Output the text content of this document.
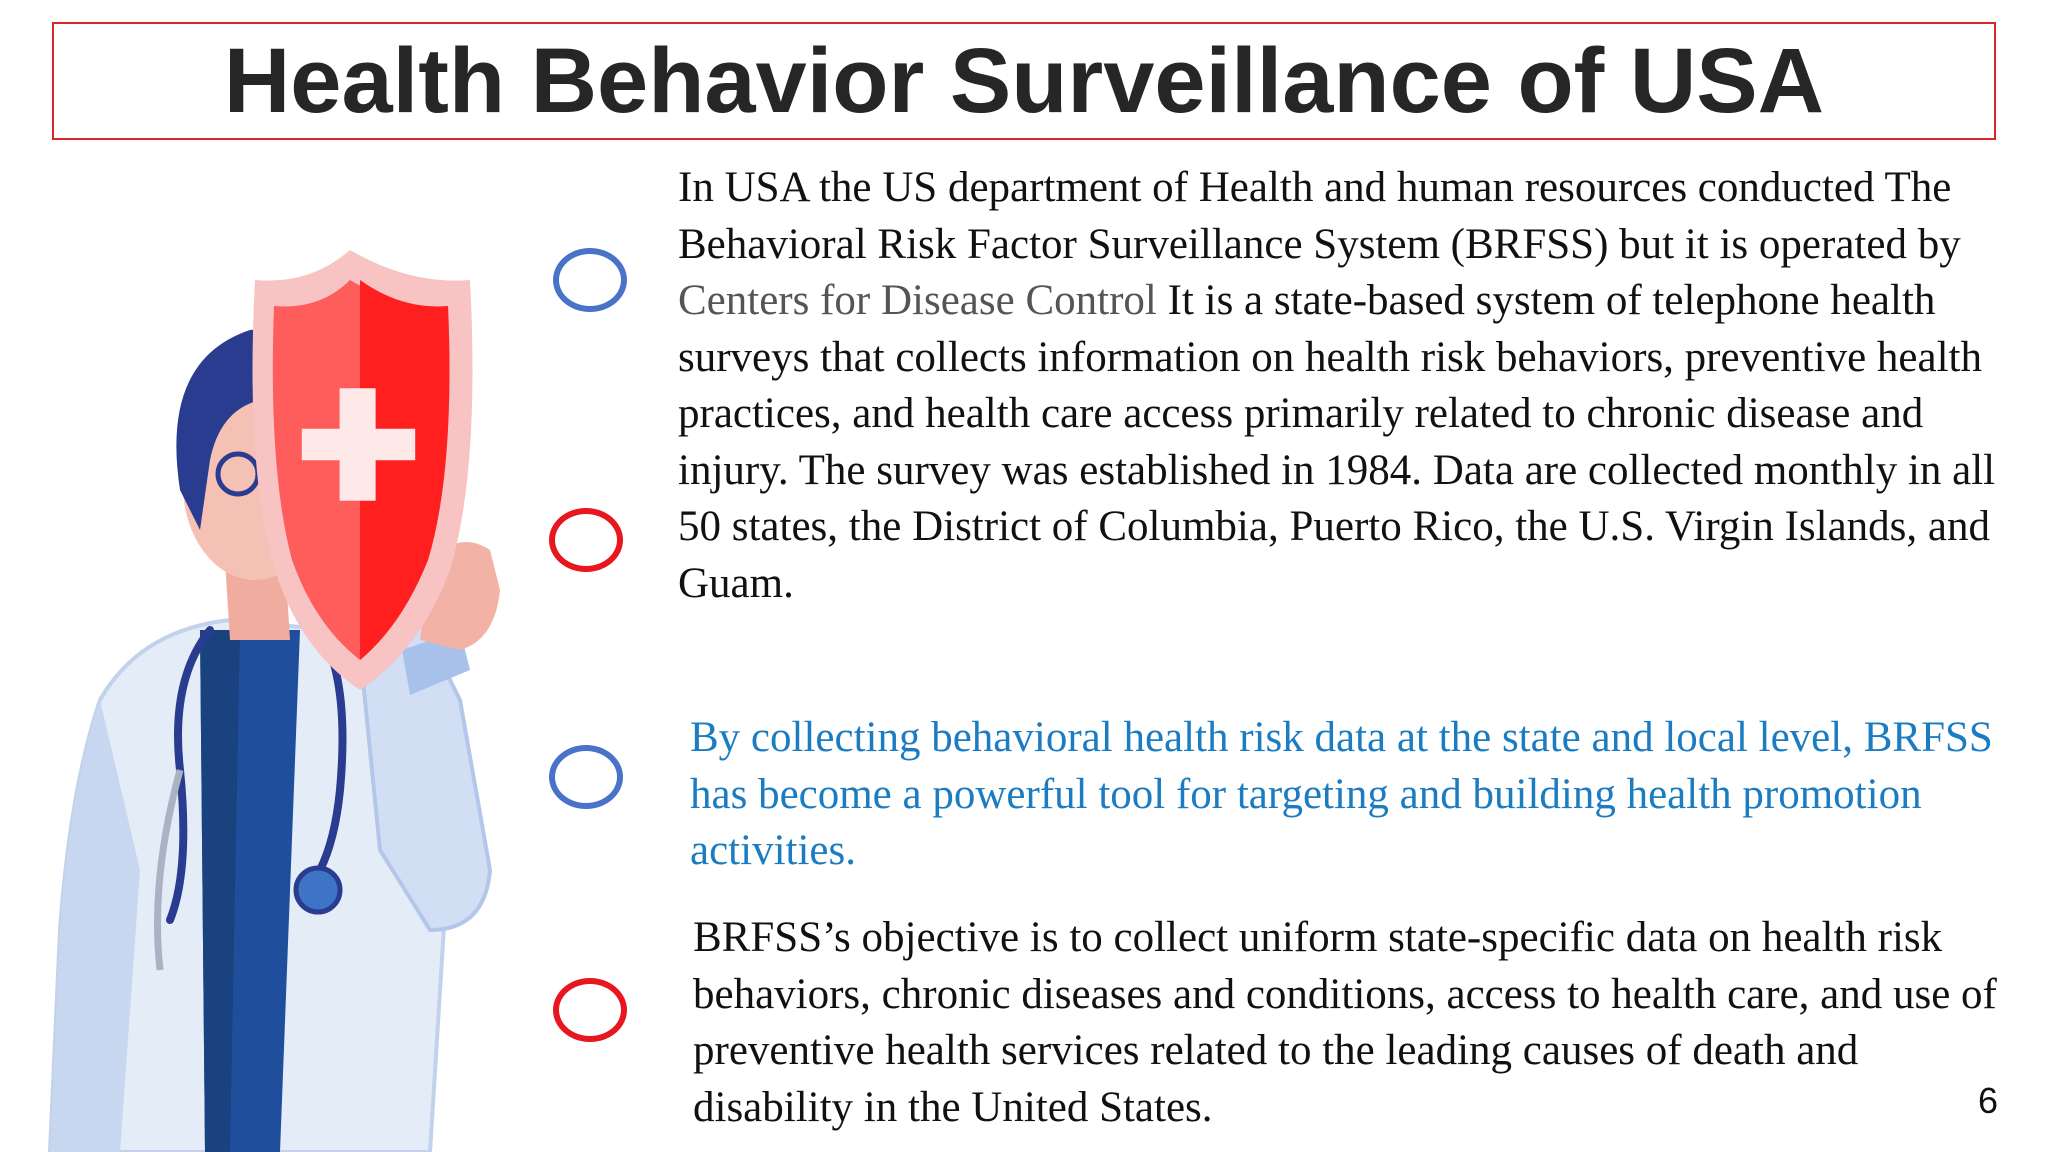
Health Behavior Surveillance of USA
In USA the US department of Health and human resources conducted The Behavioral Risk Factor Surveillance System (BRFSS) but it is operated by Centers for Disease Control It is a state-based system of telephone health surveys that collects information on health risk behaviors, preventive health practices, and health care access primarily related to chronic disease and injury. The survey was established in 1984. Data are collected monthly in all 50 states, the District of Columbia, Puerto Rico, the U.S. Virgin Islands, and Guam.
By collecting behavioral health risk data at the state and local level, BRFSS has become a powerful tool for targeting and building health promotion activities.
BRFSS’s objective is to collect uniform state-specific data on health risk behaviors, chronic diseases and conditions, access to health care, and use of preventive health services related to the leading causes of death and disability in the United States.	6
